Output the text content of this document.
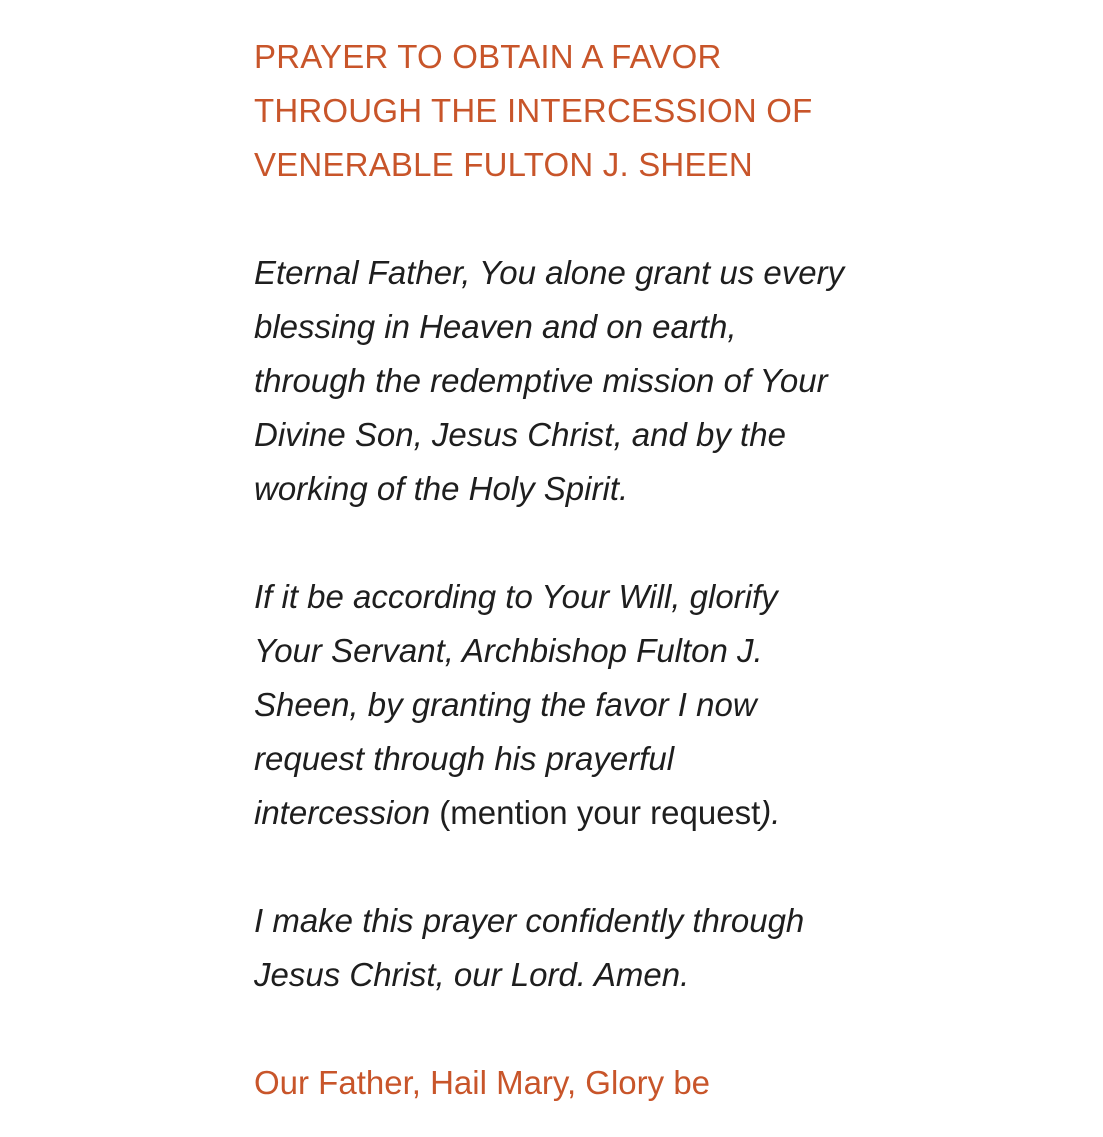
PRAYER TO OBTAIN A FAVOR
THROUGH THE INTERCESSION OF
VENERABLE FULTON J. SHEEN

Eternal Father, You alone grant us every
blessing in Heaven and on earth,
through the redemptive mission of Your
Divine Son, Jesus Christ, and by the
working of the Holy Spirit.

If it be according to Your Will, glorify
Your Servant, Archbishop Fulton J.
Sheen, by granting the favor I now
request through his prayerful
intercession (mention your request).

I make this prayer confidently through
Jesus Christ, our Lord. Amen.

Our Father, Hail Mary, Glory be
